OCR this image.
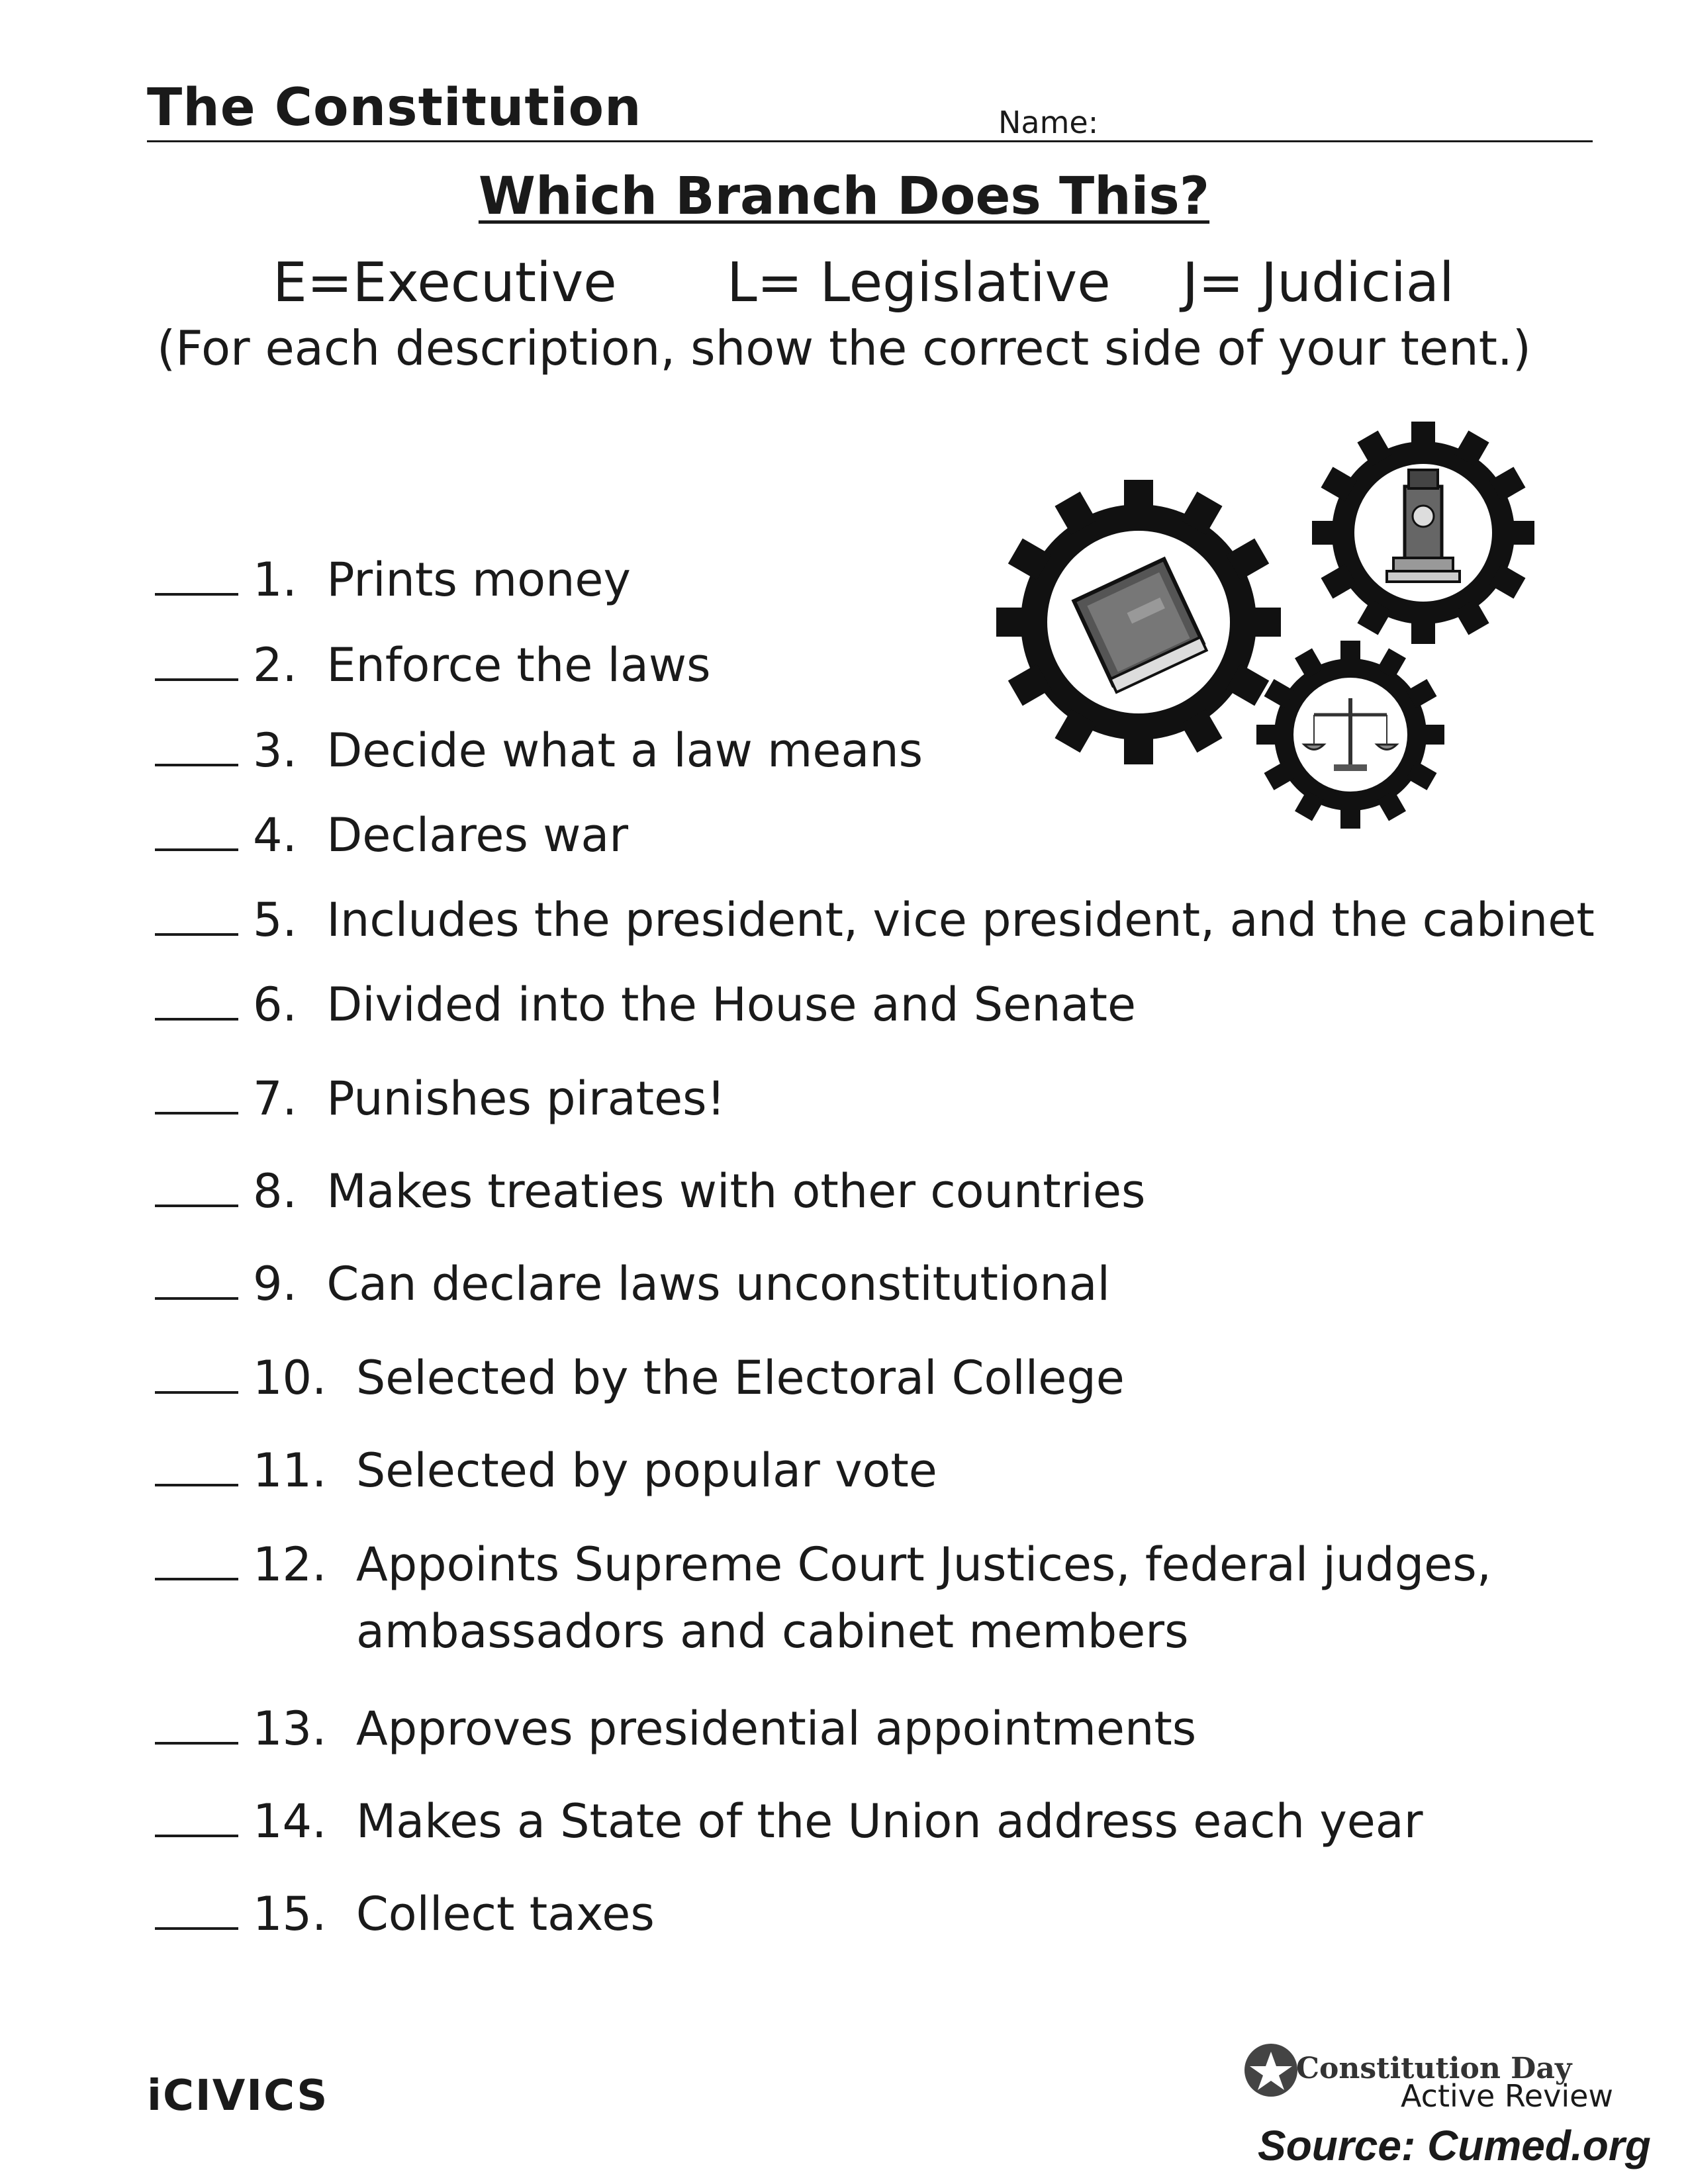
The Constitution	Name:
Which Branch Does This?
E=Executive L= Legislative J= Judicial
(For each description, show the correct side of your tent.)
1. Prints money
2. Enforce the laws
3. Decide what a law means
4. Declares war
5. Includes the president, vice president, and the cabinet
6. Divided into the House and Senate
7. Punishes pirates!
8. Makes treaties with other countries
9. Can declare laws unconstitutional
10. Selected by the Electoral College
11. Selected by popular vote
12. Appoints Supreme Court Justices, federal judges,
ambassadors and cabinet members
13. Approves presidential appointments
14. Makes a State of the Union address each year
15. Collect taxes
iCIVICS
Constitution Day
Active Review
Source: Cumed.org
